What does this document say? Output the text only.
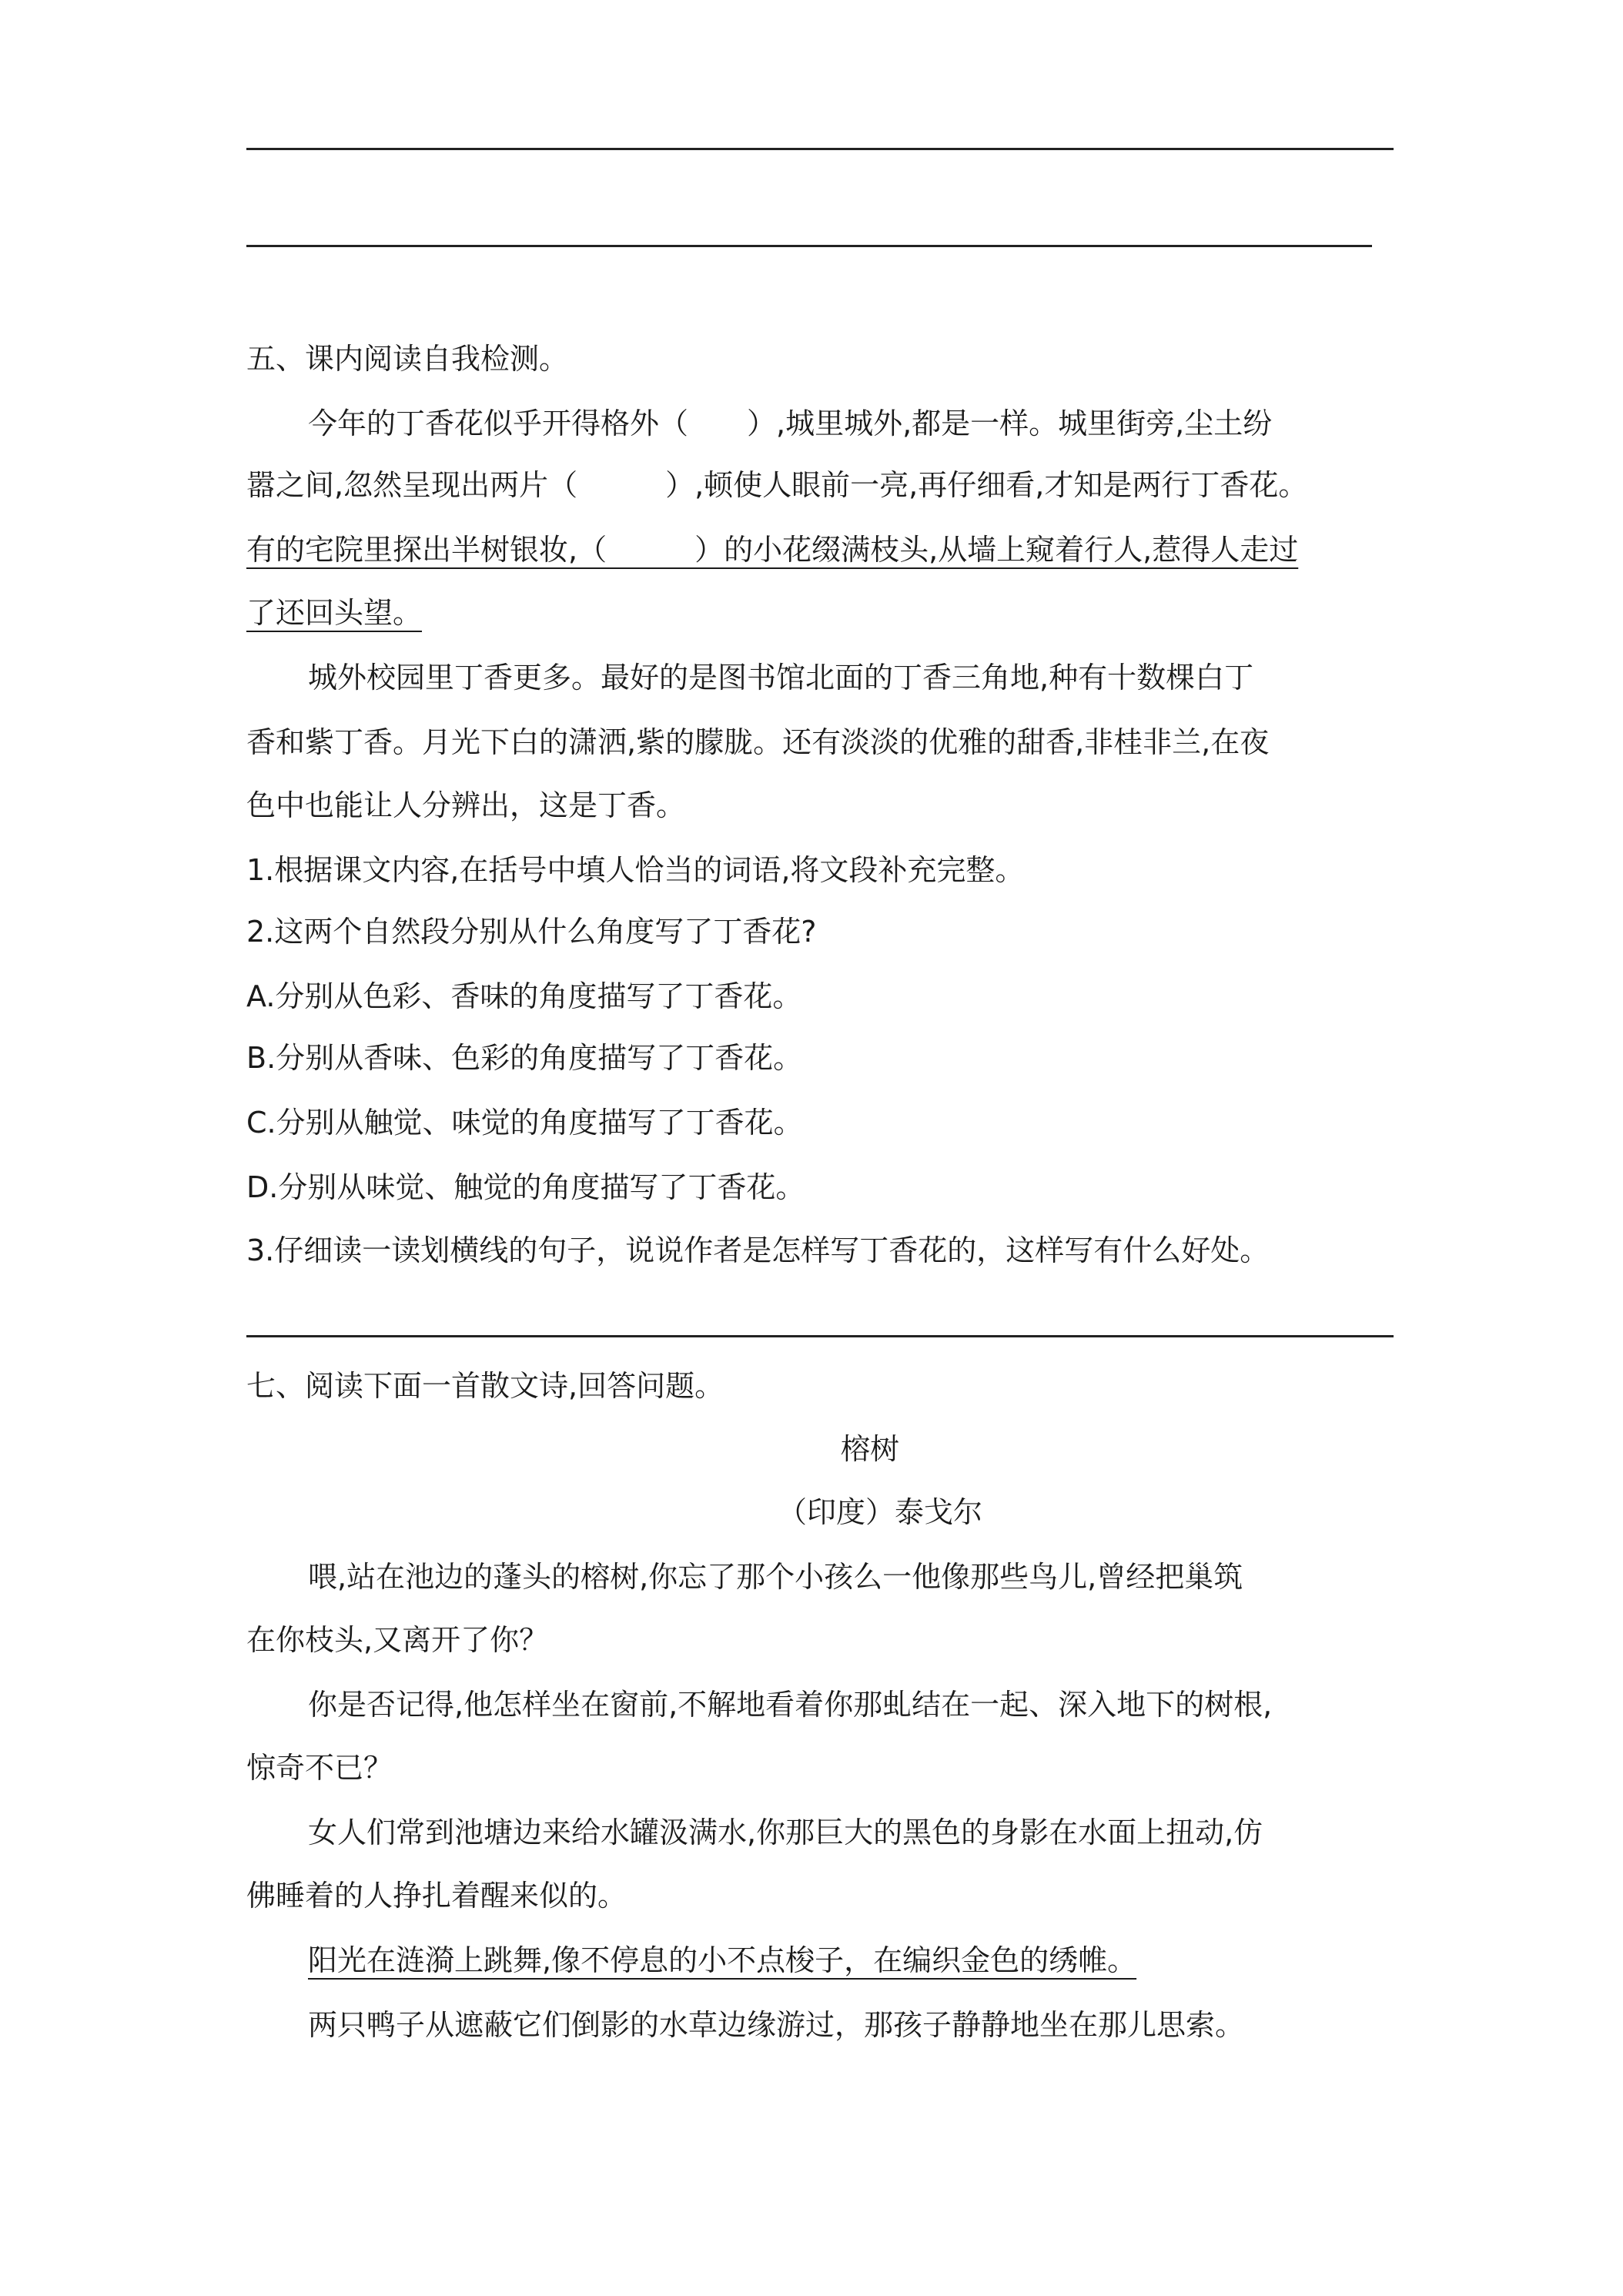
五、课内阅读自我检测。
今年的丁香花似乎开得格外（　　）,城里城外,都是一样。城里街旁,尘土纷
嚣之间,忽然呈现出两片（　　　）,顿使人眼前一亮,再仔细看,才知是两行丁香花。
有的宅院里探出半树银妆,（　　　）的小花缀满枝头,从墙上窥着行人,惹得人走过
了还回头望。
城外校园里丁香更多。最好的是图书馆北面的丁香三角地,种有十数棵白丁
香和紫丁香。月光下白的潇洒,紫的朦胧。还有淡淡的优雅的甜香,非桂非兰,在夜
色中也能让人分辨出，这是丁香。
1.根据课文内容,在括号中填人恰当的词语,将文段补充完整。
2.这两个自然段分别从什么角度写了丁香花?
A.分别从色彩、香味的角度描写了丁香花。
B.分别从香味、色彩的角度描写了丁香花。
C.分别从触觉、味觉的角度描写了丁香花。
D.分别从味觉、触觉的角度描写了丁香花。
3.仔细读一读划横线的句子，说说作者是怎样写丁香花的，这样写有什么好处。
七、阅读下面一首散文诗,回答问题。
榕树
（印度）泰戈尔
喂,站在池边的蓬头的榕树,你忘了那个小孩么一他像那些鸟儿,曾经把巢筑
在你枝头,又离开了你？
你是否记得,他怎样坐在窗前,不解地看着你那虬结在一起、深入地下的树根,
惊奇不已？
女人们常到池塘边来给水罐汲满水,你那巨大的黑色的身影在水面上扭动,仿
佛睡着的人挣扎着醒来似的。
阳光在涟漪上跳舞,像不停息的小不点梭子，在编织金色的绣帷。
两只鸭子从遮蔽它们倒影的水草边缘游过，那孩子静静地坐在那儿思索。
